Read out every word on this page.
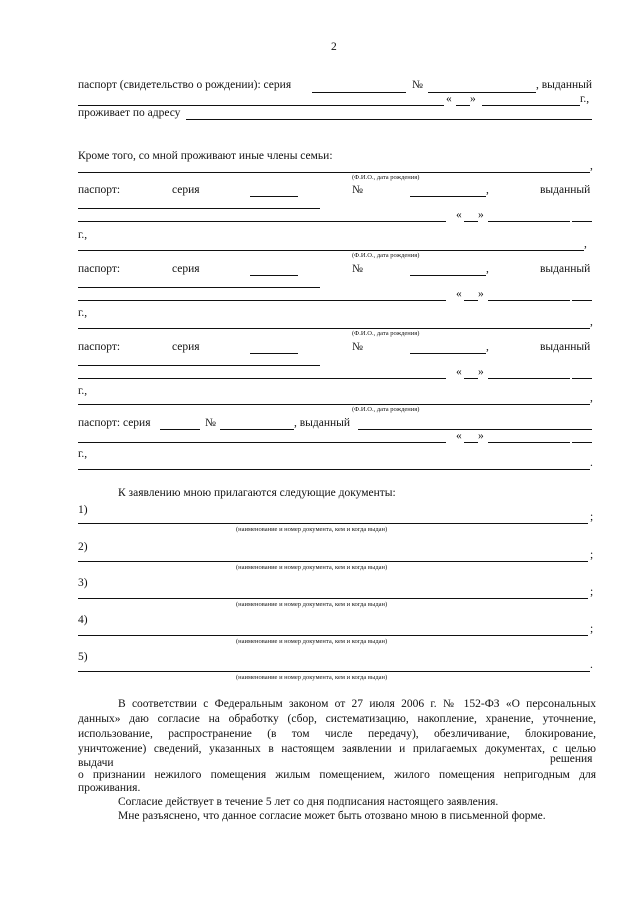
2
паспорт (свидетельство о рождении): серия	№	, выданный
« »	г.,
проживает по адресу
Кроме того, со мной проживают иные члены семьи:
,
(Ф.И.О., дата рождения)
паспорт:	серия	№	,	выданный
« »
г.,
,
(Ф.И.О., дата рождения)
паспорт:	серия	№	,	выданный
« »
г.,
,
(Ф.И.О., дата рождения)
паспорт:	серия	№	,	выданный
« »
г.,
,
(Ф.И.О., дата рождения)
паспорт: серия	№	, выданный
« »
г.,
.
К заявлению мною прилагаются следующие документы:
1)
;
(наименование и номер документа, кем и когда выдан)
2)
;
(наименование и номер документа, кем и когда выдан)
3)
;
(наименование и номер документа, кем и когда выдан)
4)
;
(наименование и номер документа, кем и когда выдан)
5)
.
(наименование и номер документа, кем и когда выдан)
В соответствии с Федеральным законом от 27 июля 2006 г. № 152-ФЗ «О персональных
данных» даю согласие на обработку (сбор, систематизацию, накопление, хранение, уточнение,
использование, распространение (в том числе передачу), обезличивание, блокирование,
уничтожение) сведений, указанных в настоящем заявлении и прилагаемых документах, с целью
выдачи	решения
о признании нежилого помещения жилым помещением, жилого помещения непригодным для
проживания.
Согласие действует в течение 5 лет со дня подписания настоящего заявления.
Мне разъяснено, что данное согласие может быть отозвано мною в письменной форме.
